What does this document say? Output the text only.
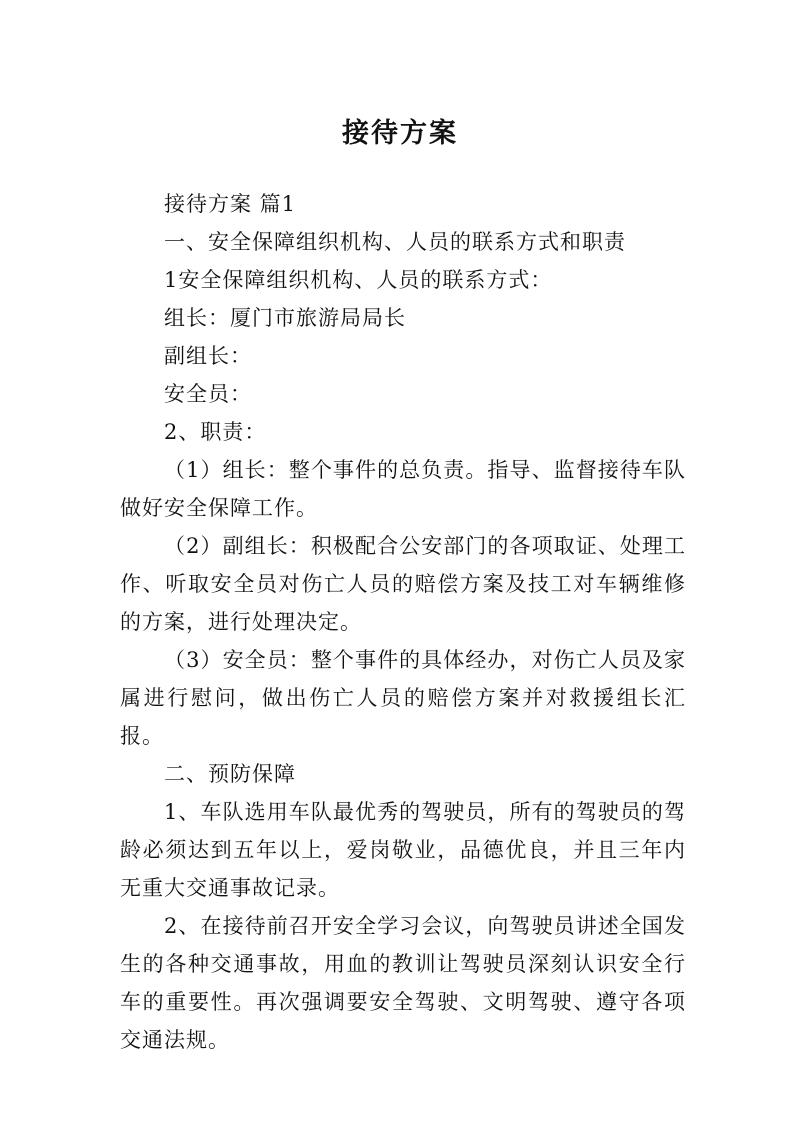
接待方案

接待方案 篇1

一、安全保障组织机构、人员的联系方式和职责

1安全保障组织机构、人员的联系方式：

组长：厦门市旅游局局长

副组长：

安全员：

2、职责：

（1）组长：整个事件的总负责。指导、监督接待车队做好安全保障工作。

（2）副组长：积极配合公安部门的各项取证、处理工作、听取安全员对伤亡人员的赔偿方案及技工对车辆维修的方案，进行处理决定。

（3）安全员：整个事件的具体经办，对伤亡人员及家属进行慰问，做出伤亡人员的赔偿方案并对救援组长汇报。

二、预防保障

1、车队选用车队最优秀的驾驶员，所有的驾驶员的驾龄必须达到五年以上，爱岗敬业，品德优良，并且三年内无重大交通事故记录。

2、在接待前召开安全学习会议，向驾驶员讲述全国发生的各种交通事故，用血的教训让驾驶员深刻认识安全行车的重要性。再次强调要安全驾驶、文明驾驶、遵守各项交通法规。
